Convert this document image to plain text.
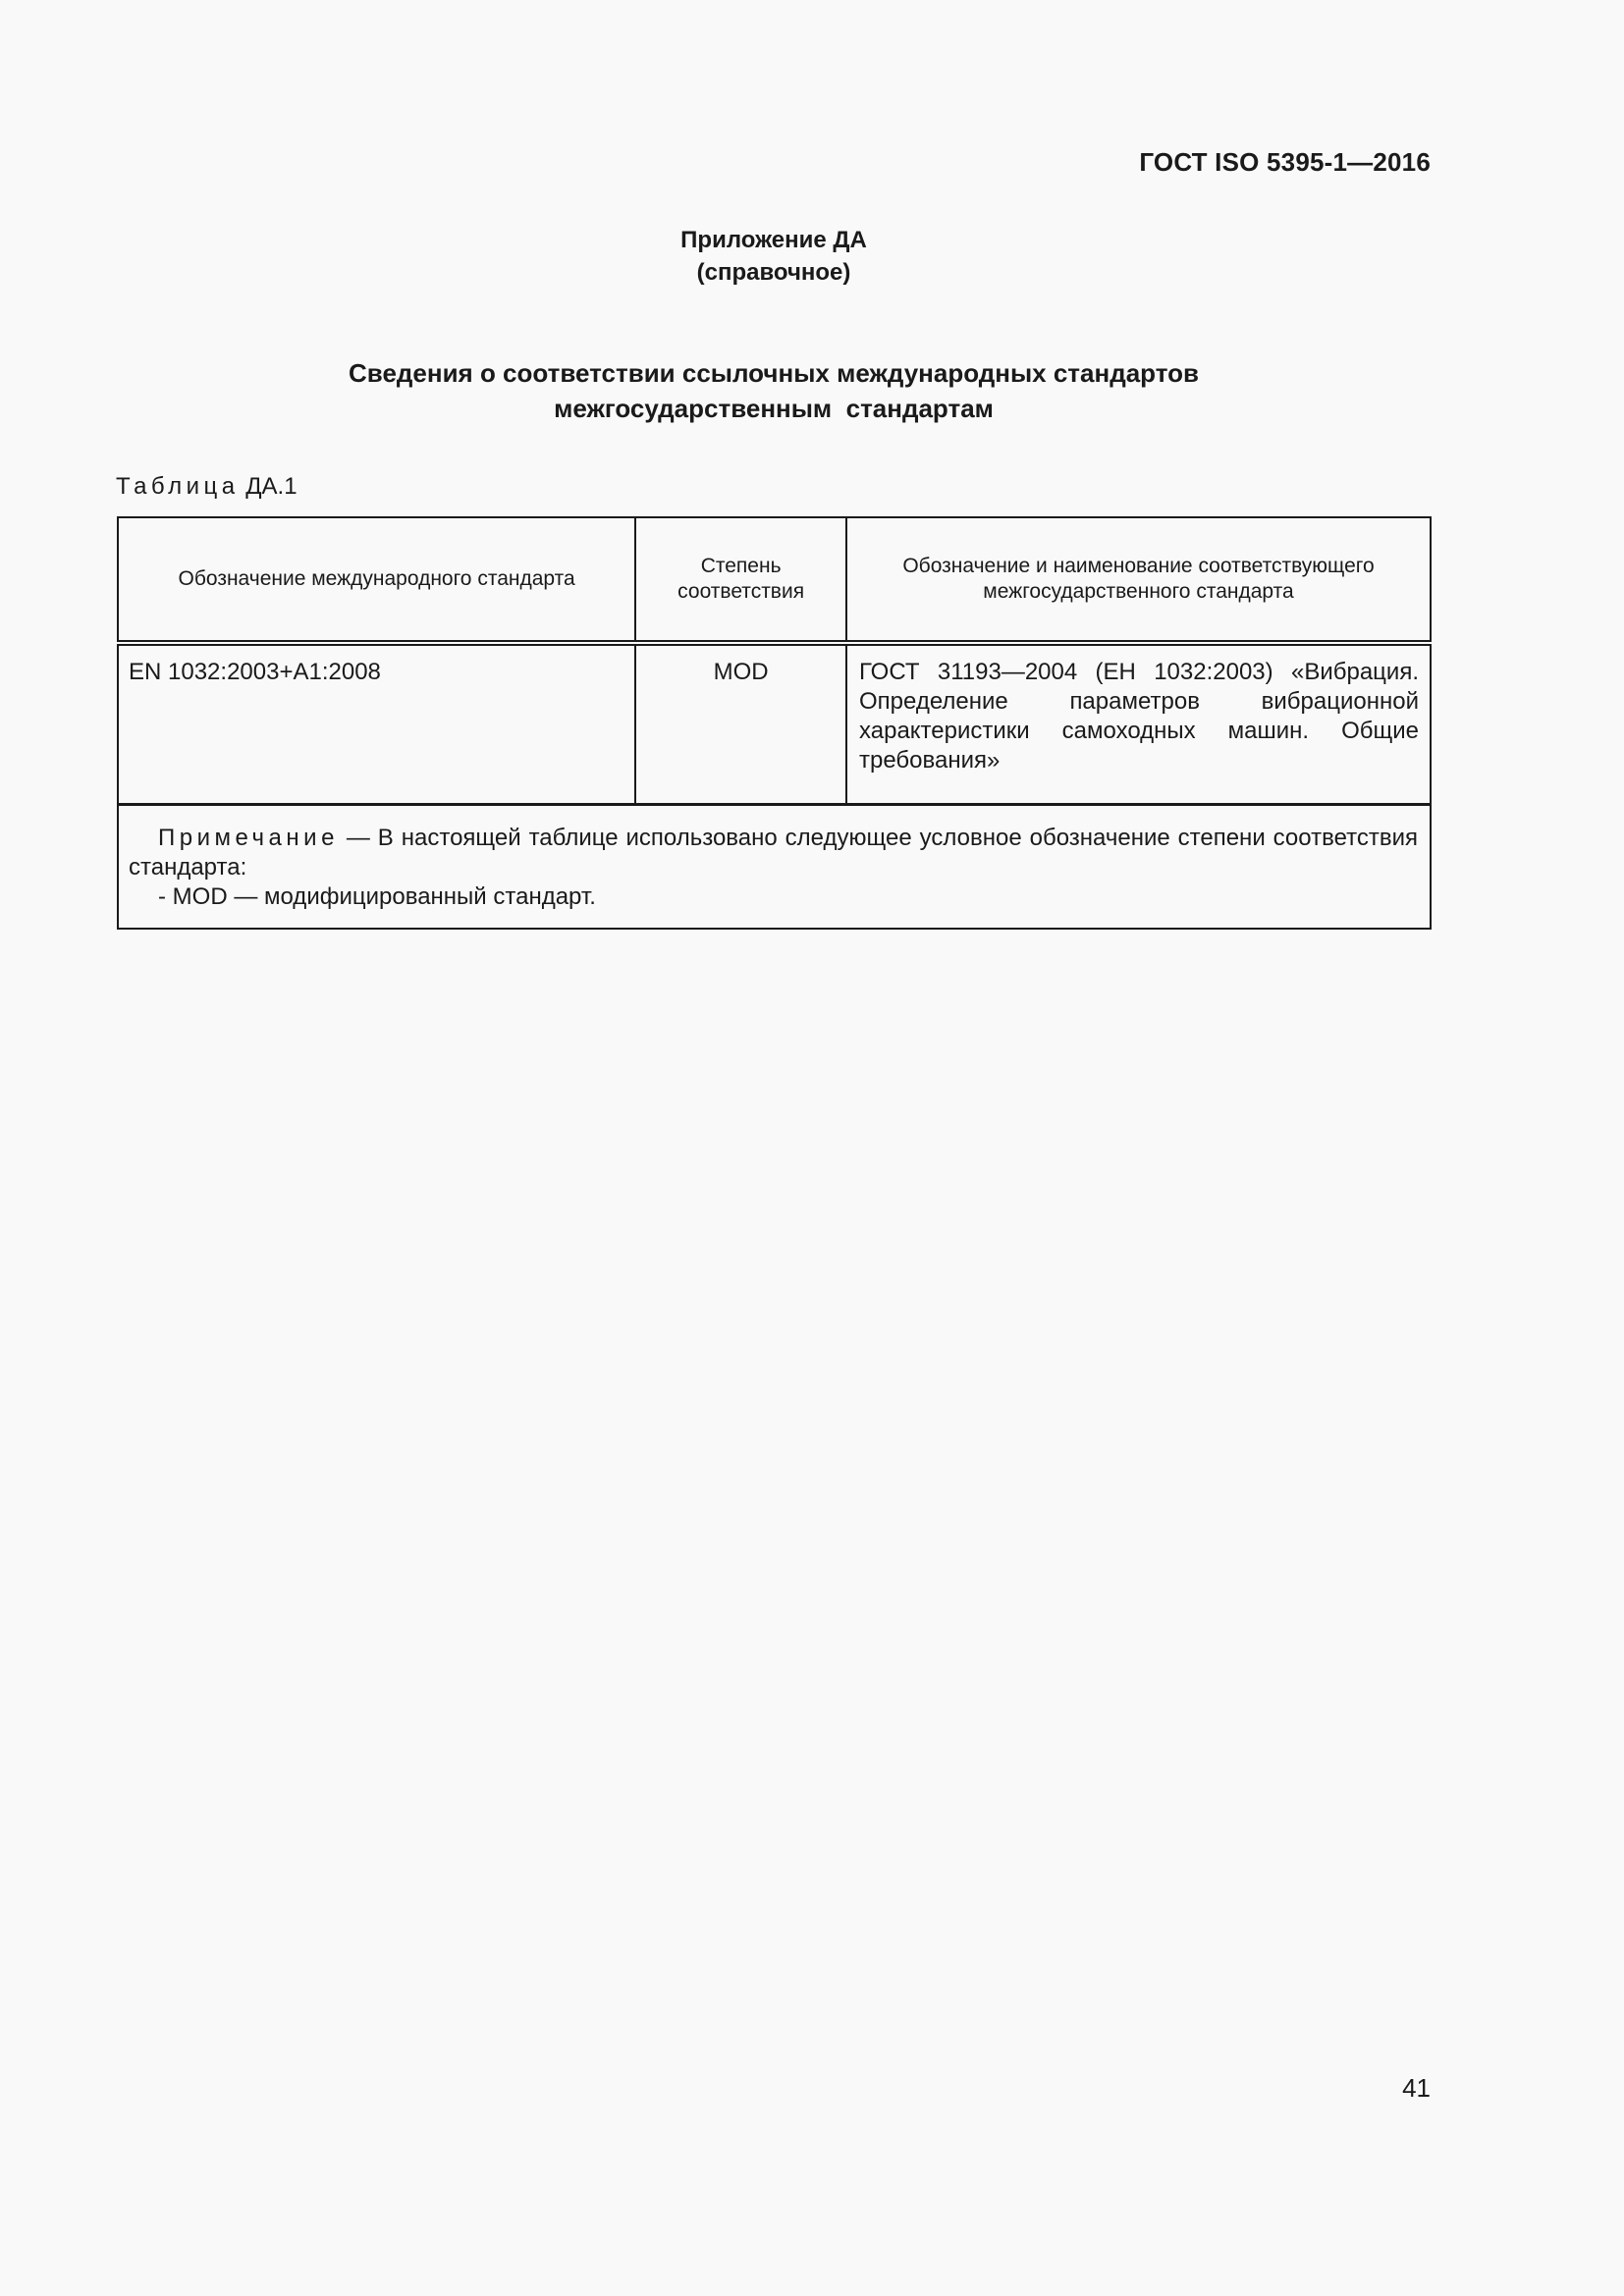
ГОСТ ISO 5395-1—2016
Приложение ДА
(справочное)
Сведения о соответствии ссылочных международных стандартов
межгосударственным  стандартам
Таблица ДА.1
Обозначение международного стандарта	Степень соответствия	Обозначение и наименование соответствующего межгосударственного стандарта

EN 1032:2003+A1:2008	MOD	ГОСТ 31193—2004 (ЕН 1032:2003) «Вибрация. Определение параметров вибрационной характеристики самоходных машин. Общие требования»
Примечание — В настоящей таблице использовано следующее условное обозначение степени соответствия стандарта:
- MOD — модифицированный стандарт.		
41
